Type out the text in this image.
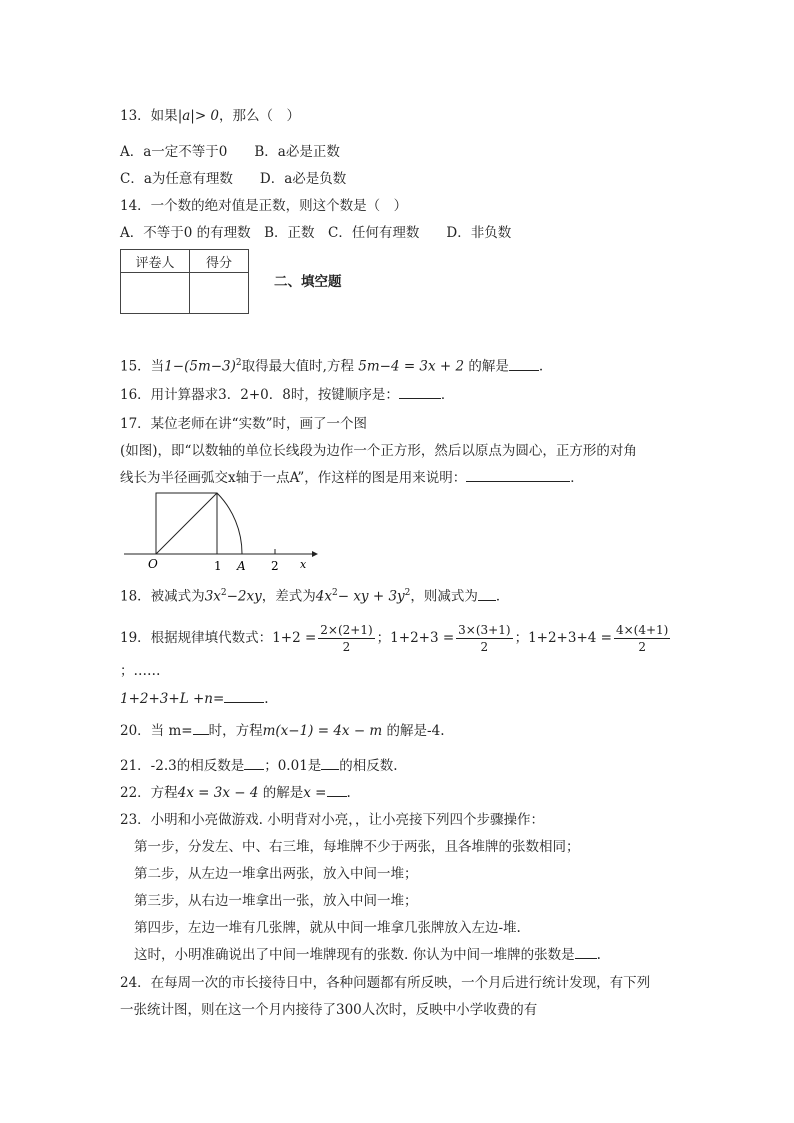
13．如果|a|> 0，那么（　）
A．a一定不等于0　　B．a必是正数
C．a为任意有理数　　D．a必是负数
14．一个数的绝对值是正数，则这个数是（　）
A．不等于0 的有理数　B．正数　C．任何有理数　　D．非负数
评卷人	得分

二、填空题
15．当$1-(5m-3)^2$取得最大值时,方程 5m−4 = 3x + 2 的解是 .
16．用计算器求3．2+0．8时，按键顺序是：	．
17．某位老师在讲“实数”时，画了一个图
(如图)，即“以数轴的单位长线段为边作一个正方形，然后以原点为圆心，正方形的对角
线长为半径画弧交x轴于一点A”，作这样的图是用来说明：	．
O	1 A 2 x
18．被减式为$3x^2-2xy$，差式为$4x^2-$ xy + $3y^2$，则减式为 ．
19．根据规律填代数式：$1+2 = \frac{2\times(2+1)}{2}$ ；$1+2+3 = \frac{3\times(3+1)}{2}$ ；$1+2+3+4 = \frac{4\times(4+1)}{2}$
；……
1+2+3+L +n=	.
20．当 m= 时，方程m(x−1) = 4x − m 的解是-4.
21．-2.3的相反数是 ；0.01是 的相反数.
22．方程4x = 3x − 4 的解是x = .
23．小明和小亮做游戏. 小明背对小亮，，让小亮接下列四个步骤操作：
第一步，分发左、中、右三堆，每堆牌不少于两张，且各堆牌的张数相同；
第二步，从左边一堆拿出两张，放入中间一堆；
第三步，从右边一堆拿出一张，放入中间一堆；
第四步，左边一堆有几张牌，就从中间一堆拿几张牌放入左边-堆.
这时，小明准确说出了中间一堆牌现有的张数. 你认为中间一堆牌的张数是 .
24．在每周一次的市长接待日中，各种问题都有所反映，一个月后进行统计发现，有下列
一张统计图，则在这一个月内接待了300人次时，反映中小学收费的有
